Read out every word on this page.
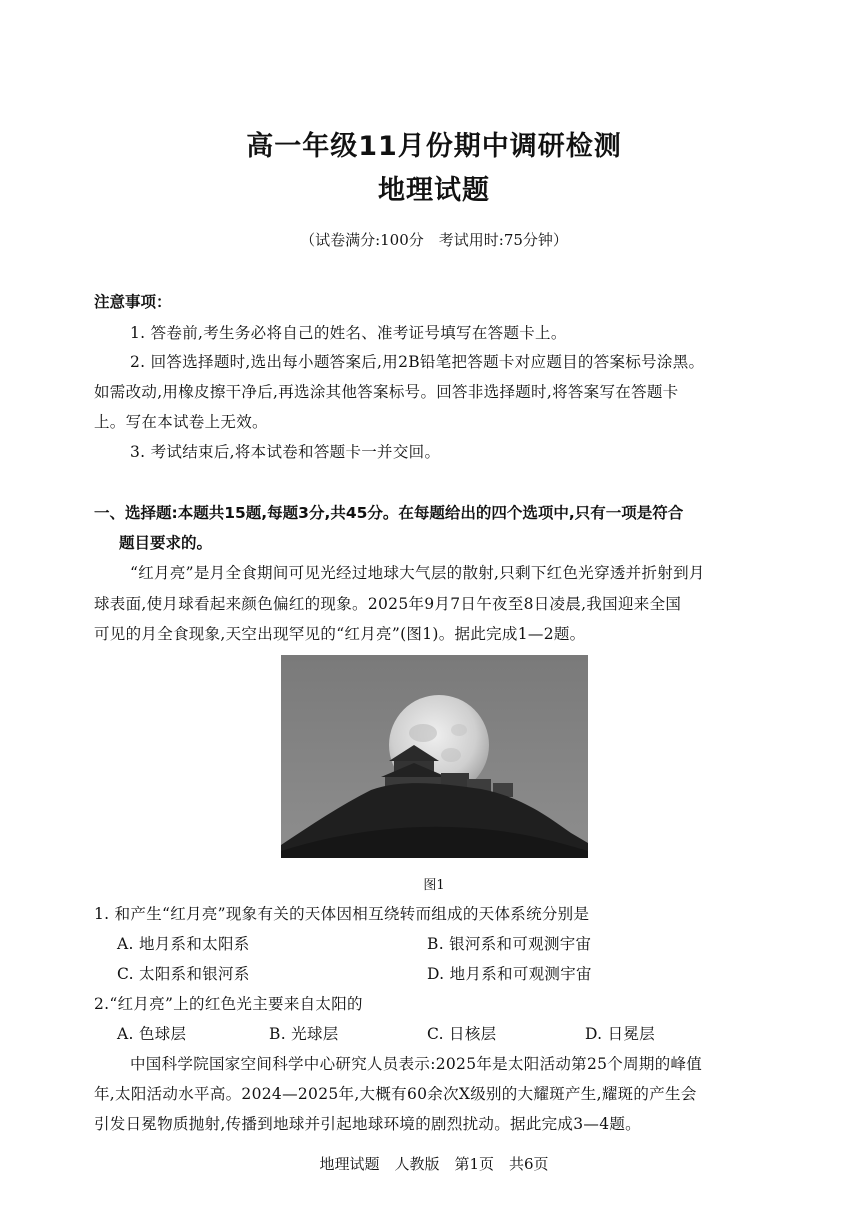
高一年级11月份期中调研检测
地理试题
（试卷满分:100分　考试用时:75分钟）
注意事项：
1. 答卷前,考生务必将自己的姓名、准考证号填写在答题卡上。
2. 回答选择题时,选出每小题答案后,用2B铅笔把答题卡对应题目的答案标号涂黑。
如需改动,用橡皮擦干净后,再选涂其他答案标号。回答非选择题时,将答案写在答题卡
上。写在本试卷上无效。
3. 考试结束后,将本试卷和答题卡一并交回。
一、选择题:本题共15题,每题3分,共45分。在每题给出的四个选项中,只有一项是符合
题目要求的。
“红月亮”是月全食期间可见光经过地球大气层的散射,只剩下红色光穿透并折射到月
球表面,使月球看起来颜色偏红的现象。2025年9月7日午夜至8日凌晨,我国迎来全国
可见的月全食现象,天空出现罕见的“红月亮”(图1)。据此完成1—2题。
图1
1. 和产生“红月亮”现象有关的天体因相互绕转而组成的天体系统分别是
A. 地月系和太阳系	B. 银河系和可观测宇宙
C. 太阳系和银河系	D. 地月系和可观测宇宙
2.“红月亮”上的红色光主要来自太阳的
A. 色球层	B. 光球层	C. 日核层	D. 日冕层
中国科学院国家空间科学中心研究人员表示:2025年是太阳活动第25个周期的峰值
年,太阳活动水平高。2024—2025年,大概有60余次X级别的大耀斑产生,耀斑的产生会
引发日冕物质抛射,传播到地球并引起地球环境的剧烈扰动。据此完成3—4题。
地理试题　人教版　第1页　共6页
